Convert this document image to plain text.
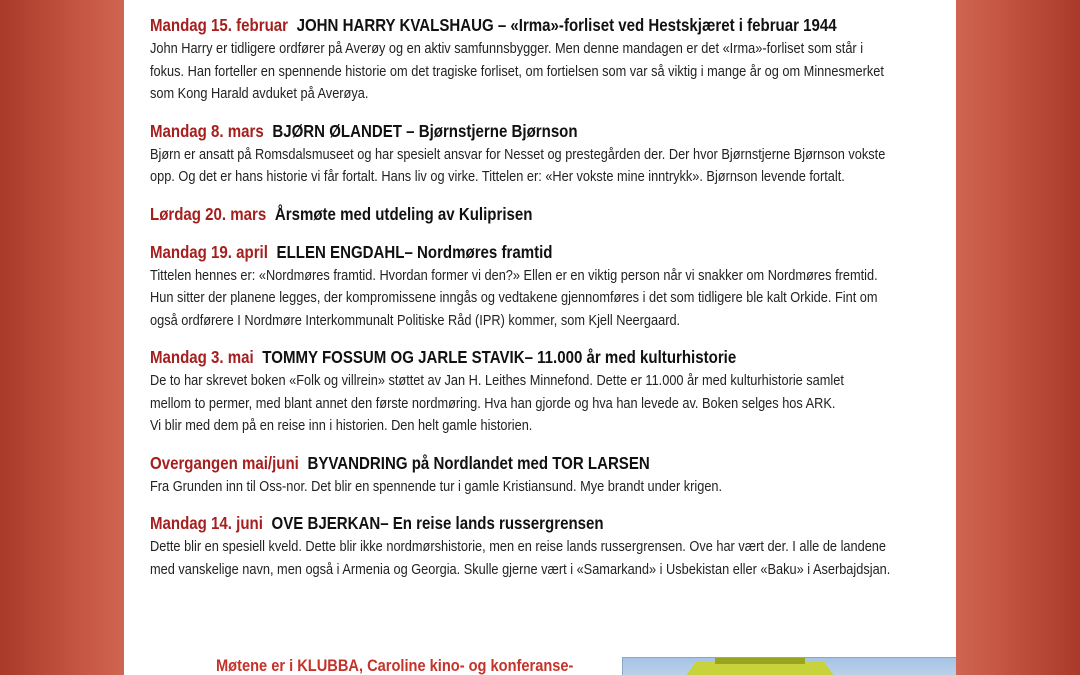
Mandag 15. februar JOHN HARRY KVALSHAUG – «Irma»-forliset ved Hestskjæret i februar 1944

John Harry er tidligere ordfører på Averøy og en aktiv samfunnsbygger. Men denne mandagen er det «Irma»-forliset som står i

fokus. Han forteller en spennende historie om det tragiske forliset, om fortielsen som var så viktig i mange år og om Minnesmerket

som Kong Harald avduket på Averøya.

Mandag 8. mars BJØRN ØLANDET – Bjørnstjerne Bjørnson

Bjørn er ansatt på Romsdalsmuseet og har spesielt ansvar for Nesset og prestegården der. Der hvor Bjørnstjerne Bjørnson vokste

opp. Og det er hans historie vi får fortalt. Hans liv og virke. Tittelen er: «Her vokste mine inntrykk». Bjørnson levende fortalt.

Lørdag 20. mars Årsmøte med utdeling av Kuliprisen
Mandag 19. april ELLEN ENGDAHL– Nordmøres framtid

Tittelen hennes er: «Nordmøres framtid. Hvordan former vi den?» Ellen er en viktig person når vi snakker om Nordmøres fremtid.

Hun sitter der planene legges, der kompromissene inngås og vedtakene gjennomføres i det som tidligere ble kalt Orkide. Fint om

også ordførere I Nordmøre Interkommunalt Politiske Råd (IPR) kommer, som Kjell Neergaard.

Mandag 3. mai TOMMY FOSSUM OG JARLE STAVIK– 11.000 år med kulturhistorie

De to har skrevet boken «Folk og villrein» støttet av Jan H. Leithes Minnefond. Dette er 11.000 år med kulturhistorie samlet

mellom to permer, med blant annet den første nordmøring. Hva han gjorde og hva han levede av. Boken selges hos ARK.

Vi blir med dem på en reise inn i historien. Den helt gamle historien.

Overgangen mai/juni BYVANDRING på Nordlandet med TOR LARSEN

Fra Grunden inn til Oss-nor. Det blir en spennende tur i gamle Kristiansund. Mye brandt under krigen.

Mandag 14. juni OVE BJERKAN– En reise lands russergrensen

Dette blir en spesiell kveld. Dette blir ikke nordmørshistorie, men en reise lands russergrensen. Ove har vært der. I alle de landene

med vanskelige navn, men også i Armenia og Georgia. Skulle gjerne vært i «Samarkand» i Usbekistan eller «Baku» i Aserbajdsjan.

Møtene er i KLUBBA, Caroline kino- og konferanse-
